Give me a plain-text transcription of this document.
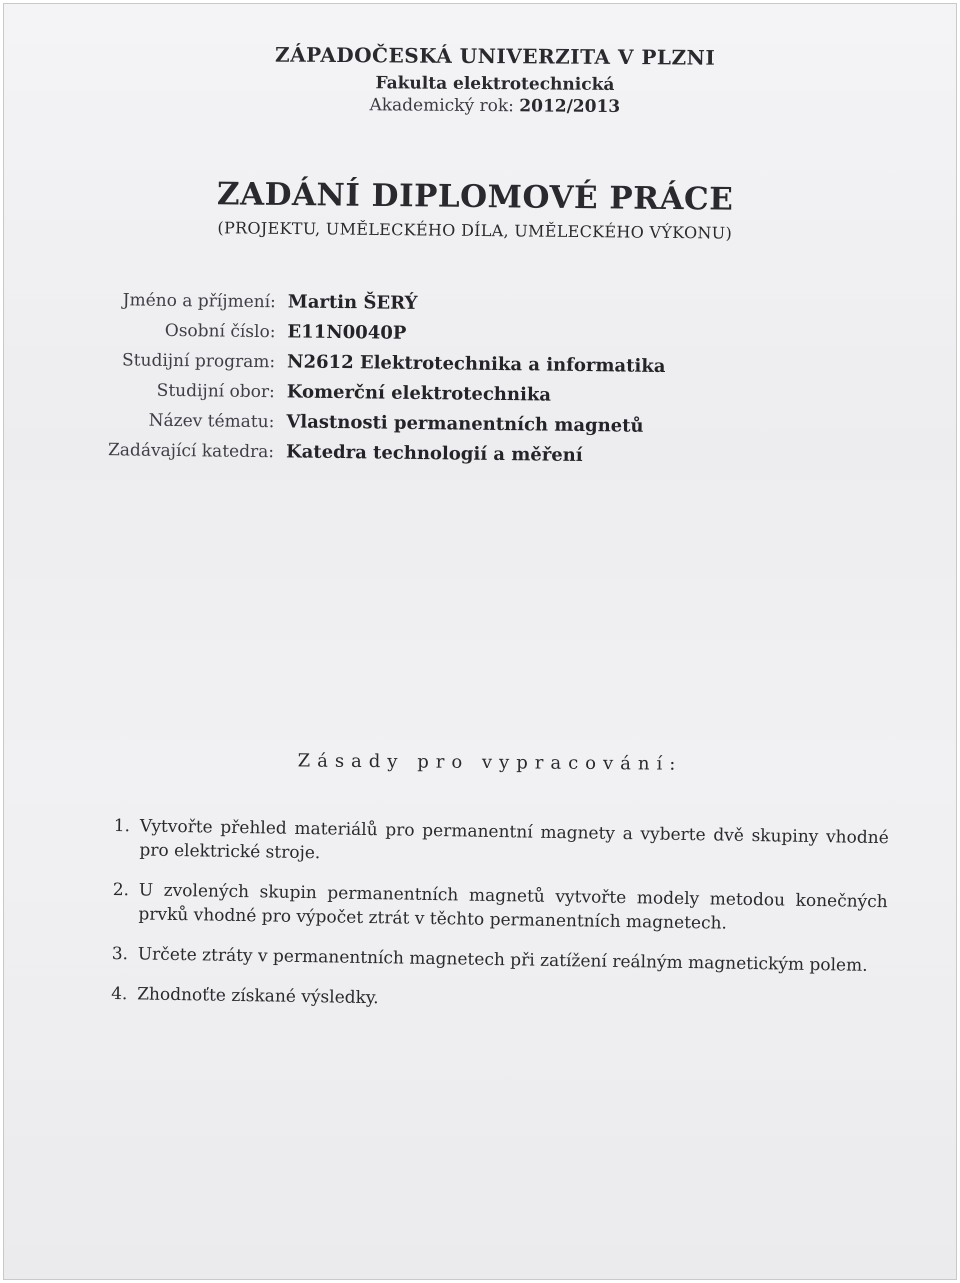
ZÁPADOČESKÁ UNIVERZITA V PLZNI
Fakulta elektrotechnická
Akademický rok: 2012/2013
ZADÁNÍ DIPLOMOVÉ PRÁCE
(PROJEKTU, UMĚLECKÉHO DÍLA, UMĚLECKÉHO VÝKONU)
Jméno a příjmení: Martin ŠERÝ
Osobní číslo: E11N0040P
Studijní program: N2612 Elektrotechnika a informatika
Studijní obor: Komerční elektrotechnika
Název tématu: Vlastnosti permanentních magnetů
Zadávající katedra: Katedra technologií a měření
Zásady pro vypracování:
1. Vytvořte přehled materiálů pro permanentní magnety a vyberte dvě skupiny vhodné pro elektrické stroje.
2. U zvolených skupin permanentních magnetů vytvořte modely metodou konečných prvků vhodné pro výpočet ztrát v těchto permanentních magnetech.
3. Určete ztráty v permanentních magnetech při zatížení reálným magnetickým polem.
4. Zhodnoťte získané výsledky.
